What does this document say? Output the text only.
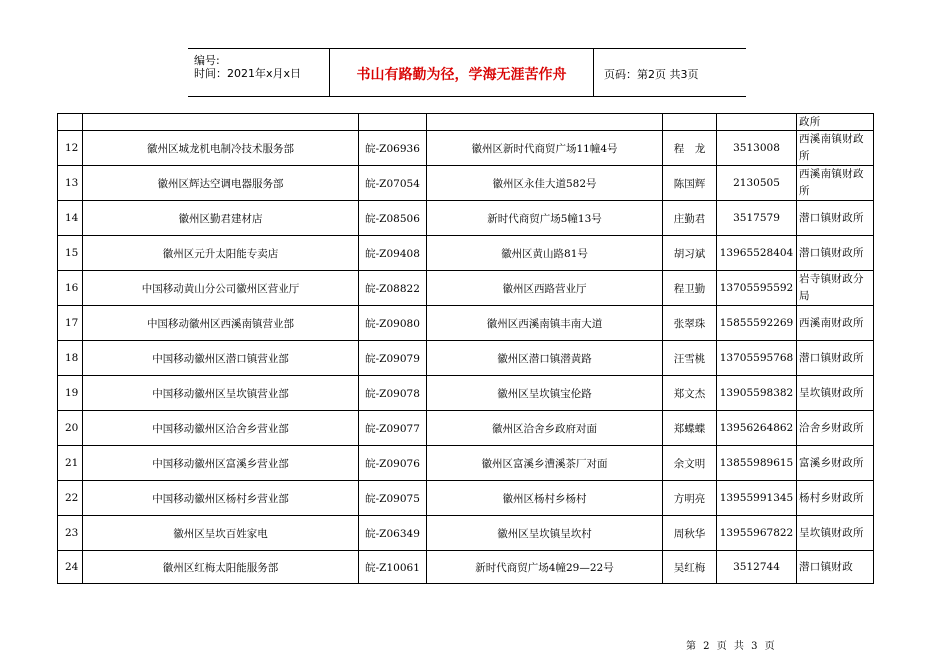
编号:
时间：2021年x月x日	书山有路勤为径，学海无涯苦作舟	页码：第2页 共3页
						政所
12	徽州区城龙机电制冷技术服务部	皖-Z06936	徽州区新时代商贸广场11幢4号	程　龙	3513008	西溪南镇财政所
13	徽州区辉达空调电器服务部	皖-Z07054	徽州区永佳大道582号	陈国辉	2130505	西溪南镇财政所
14	徽州区勤君建材店	皖-Z08506	新时代商贸广场5幢13号	庄勤君	3517579	潜口镇财政所
15	徽州区元升太阳能专卖店	皖-Z09408	徽州区黄山路81号	胡习斌	13965528404	潜口镇财政所
16	中国移动黄山分公司徽州区营业厅	皖-Z08822	徽州区西路营业厅	程卫勤	13705595592	岩寺镇财政分局
17	中国移动徽州区西溪南镇营业部	皖-Z09080	徽州区西溪南镇丰南大道	张翠珠	15855592269	西溪南财政所
18	中国移动徽州区潜口镇营业部	皖-Z09079	徽州区潜口镇潜黄路	汪雪桃	13705595768	潜口镇财政所
19	中国移动徽州区呈坎镇营业部	皖-Z09078	徽州区呈坎镇宝伦路	郑文杰	13905598382	呈坎镇财政所
20	中国移动徽州区洽舍乡营业部	皖-Z09077	徽州区洽舍乡政府对面	郑蝶蝶	13956264862	洽舍乡财政所
21	中国移动徽州区富溪乡营业部	皖-Z09076	徽州区富溪乡漕溪茶厂对面	余文明	13855989615	富溪乡财政所
22	中国移动徽州区杨村乡营业部	皖-Z09075	徽州区杨村乡杨村	方明亮	13955991345	杨村乡财政所
23	徽州区呈坎百姓家电	皖-Z06349	徽州区呈坎镇呈坎村	周秋华	13955967822	呈坎镇财政所
24	徽州区红梅太阳能服务部	皖-Z10061	新时代商贸广场4幢29—22号	吴红梅	3512744	潜口镇财政
第 2 页 共 3 页
